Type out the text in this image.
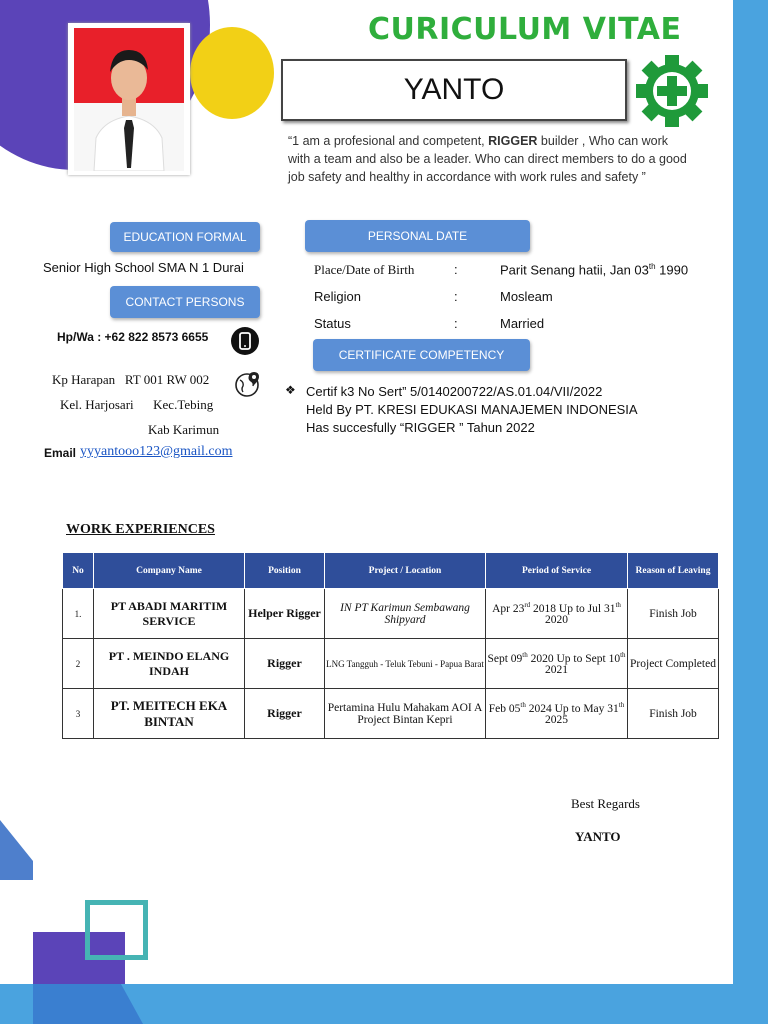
CURICULUM VITAE
YANTO
“1 am a profesional and competent, RIGGER builder , Who can work with a team and also be a leader. Who can direct members to do a good job safety and healthy in accordance with work rules and safety ”
EDUCATION FORMAL
Senior High School SMA N 1 Durai
CONTACT PERSONS
Hp/Wa : +62 822 8573 6655
Kp Harapan   RT 001 RW 002
Kel. Harjosari      Kec.Tebing
Kab Karimun
Email yyyantooo123@gmail.com
PERSONAL DATE
Place/Date of Birth	:	Parit Senang hatii, Jan 03th 1990
Religion	:	Mosleam
Status	:	Married
CERTIFICATE COMPETENCY
❖ Certif k3 No Sert” 5/0140200722/AS.01.04/VII/2022
Held By PT. KRESI EDUKASI MANAJEMEN INDONESIA
Has succesfully “RIGGER ” Tahun 2022
WORK EXPERIENCES
No	Company Name	Position	Project / Location	Period of Service	Reason of Leaving
1.	PT ABADI MARITIM SERVICE	Helper Rigger	IN PT Karimun Sembawang Shipyard	Apr 23rd 2018 Up to Jul 31th 2020	Finish Job
2	PT . MEINDO ELANG INDAH	Rigger	LNG Tangguh - Teluk Tebuni - Papua Barat	Sept 09th 2020 Up to Sept 10th 2021	Project Completed
3	PT. MEITECH EKA BINTAN	Rigger	Pertamina Hulu Mahakam AOI A Project Bintan Kepri	Feb 05th 2024 Up to May 31th 2025	Finish Job
Best Regards
YANTO
